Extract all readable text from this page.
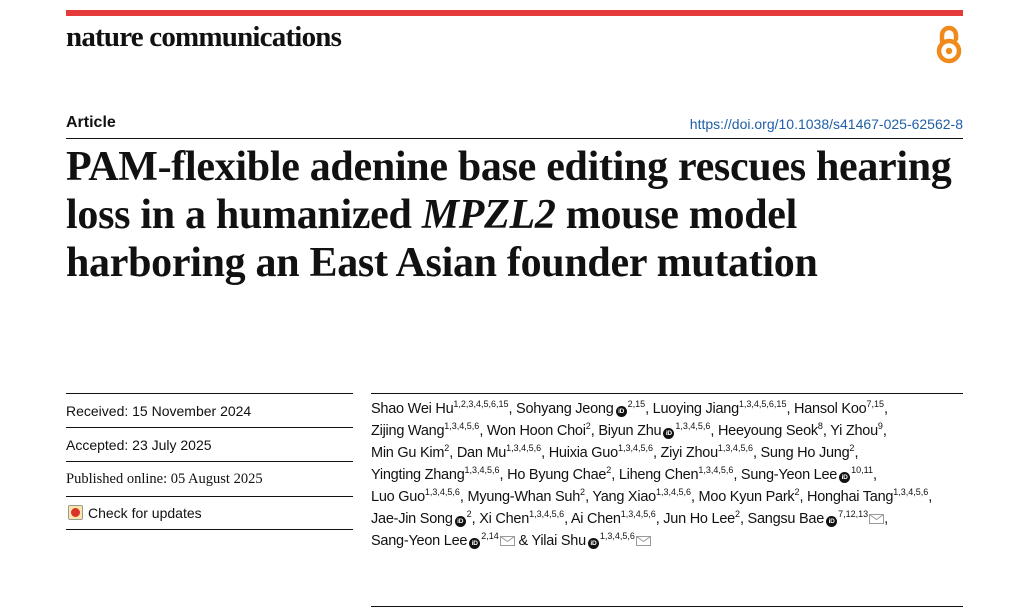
nature communications
Article	https://doi.org/10.1038/s41467-025-62562-8
PAM-flexible adenine base editing rescues hearing loss in a humanized MPZL2 mouse model harboring an East Asian founder mutation
Received: 15 November 2024
Accepted: 23 July 2025
Published online: 05 August 2025
Check for updates
Shao Wei Hu$^{1,2,3,4,5,6,15}$, Sohyang Jeong iD$^{2,15}$, Luoying Jiang$^{1,3,4,5,6,15}$, Hansol Koo$^{7,15}$, Zijing Wang$^{1,3,4,5,6}$, Won Hoon Choi$^2$, Biyun Zhu iD$^{1,3,4,5,6}$, Heeyoung Seok$^8$, Yi Zhou$^9$, Min Gu Kim$^2$, Dan Mu$^{1,3,4,5,6}$, Huixia Guo$^{1,3,4,5,6}$, Ziyi Zhou$^{1,3,4,5,6}$, Sung Ho Jung$^2$, Yingting Zhang$^{1,3,4,5,6}$, Ho Byung Chae$^2$, Liheng Chen$^{1,3,4,5,6}$, Sung-Yeon Lee iD$^{10,11}$, Luo Guo$^{1,3,4,5,6}$, Myung-Whan Suh$^2$, Yang Xiao$^{1,3,4,5,6}$, Moo Kyun Park$^2$, Honghai Tang$^{1,3,4,5,6}$, Jae-Jin Song $iD^2$, Xi Chen$^{1,3,4,5,6}$, Ai Chen$^{1,3,4,5,6}$, Jun Ho Lee$^2$, Sangsu Bae iD$^{7,12,13}$ , Sang-Yeon Lee iD$^{2,14}$ & Yilai Shu iD$^{1,3,4,5,6}$
